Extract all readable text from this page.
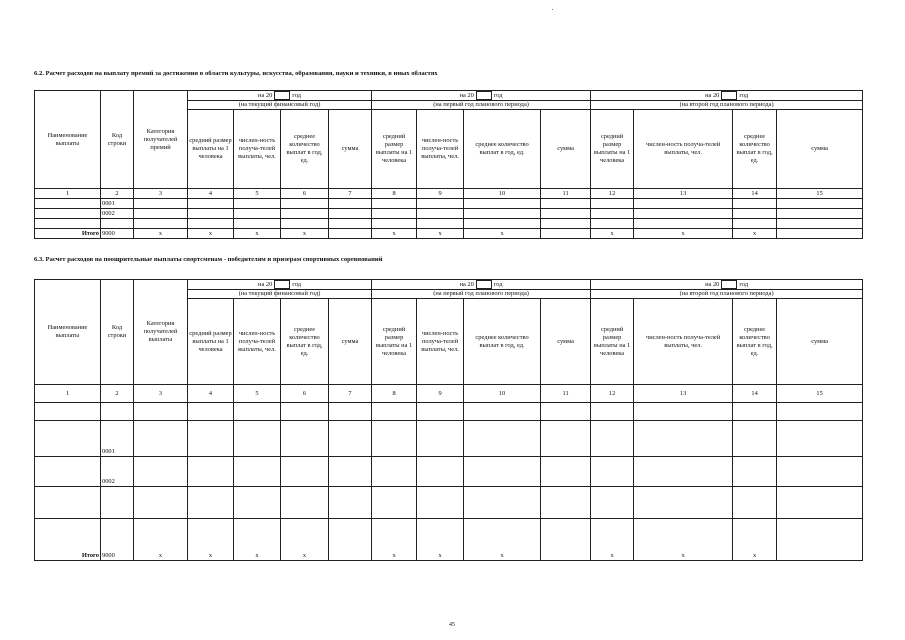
6.2. Расчет расходов на выплату премий за достижения в области культуры, искусства, образования, науки и техники, в иных областях
Наименование выплаты	Код строки	Категория получателей премий	на 20 год				на 20 год				на 20 год			
			(на текущий финансовый год)				(на первый год планового периода)				(на второй год планового периода)			
			средний размер выплаты на 1 человека	числен-ность получа-телей выплаты, чел.	среднее количество выплат в год, ед.	сумма	средний размер выплаты на 1 человека	числен-ность получа-телей выплаты, чел.	среднее количество выплат в год, ед.	сумма	средний размер выплаты на 1 человека	числен-ность получа-телей выплаты, чел.	среднее количество выплат в год, ед.	сумма
1	2	3	4	5	6	7	8	9	10	11	12	13	14	15
	0001													
	0002													

Итого	9000	x	x	x	x		x	x	x		x	x	x	
6.3. Расчет расходов на поощрительные выплаты спортсменам - победителям и призерам спортивных соревнований
Наименование выплаты	Код строки	Категория получателей выплаты	на 20 год				на 20 год				на 20 год			
			(на текущий финансовый год)				(на первый год планового периода)				(на второй год планового периода)			
			средний размер выплаты на 1 человека	числен-ность получа-телей выплаты, чел.	среднее количество выплат в год, ед.	сумма	средний размер выплаты на 1 человека	числен-ность получа-телей выплаты, чел.	среднее количество выплат в год, ед.	сумма	средний размер выплаты на 1 человека	числен-ность получа-телей выплаты, чел.	среднее количество выплат в год, ед.	сумма
1	2	3	4	5	6	7	8	9	10	11	12	13	14	15

	0001													
	0002													

Итого	9000	x	x	x	x		x	x	x		x	x	x	
45
